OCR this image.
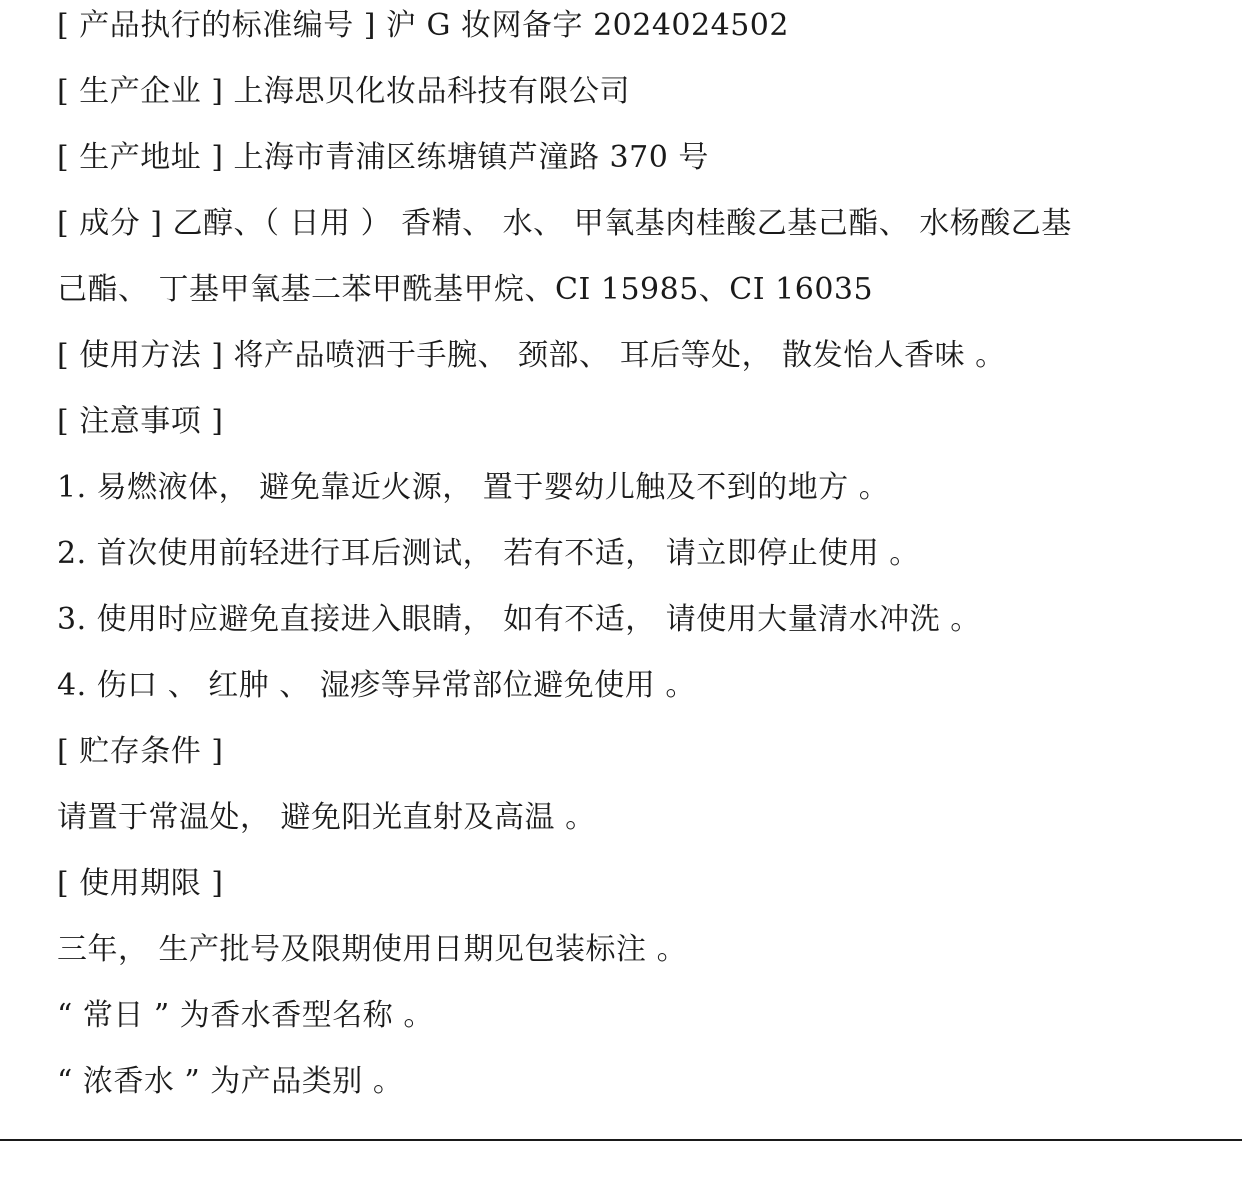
[ 产品执行的标准编号 ] 沪 G 妆网备字 2024024502
[ 生产企业 ] 上海思贝化妆品科技有限公司
[ 生产地址 ] 上海市青浦区练塘镇芦潼路 370 号
[ 成分 ] 乙醇、（ 日用 ） 香精、 水、 甲氧基肉桂酸乙基己酯、 水杨酸乙基
己酯、 丁基甲氧基二苯甲酰基甲烷、CI 15985、CI 16035
[ 使用方法 ] 将产品喷洒于手腕、 颈部、 耳后等处， 散发怡人香味 。
[ 注意事项 ]
1. 易燃液体， 避免靠近火源， 置于婴幼儿触及不到的地方 。
2. 首次使用前轻进行耳后测试， 若有不适， 请立即停止使用 。
3. 使用时应避免直接进入眼睛， 如有不适， 请使用大量清水冲洗 。
4. 伤口 、 红肿 、 湿疹等异常部位避免使用 。
[ 贮存条件 ]
请置于常温处， 避免阳光直射及高温 。
[ 使用期限 ]
三年， 生产批号及限期使用日期见包装标注 。
“ 常日 ” 为香水香型名称 。
“ 浓香水 ” 为产品类别 。
